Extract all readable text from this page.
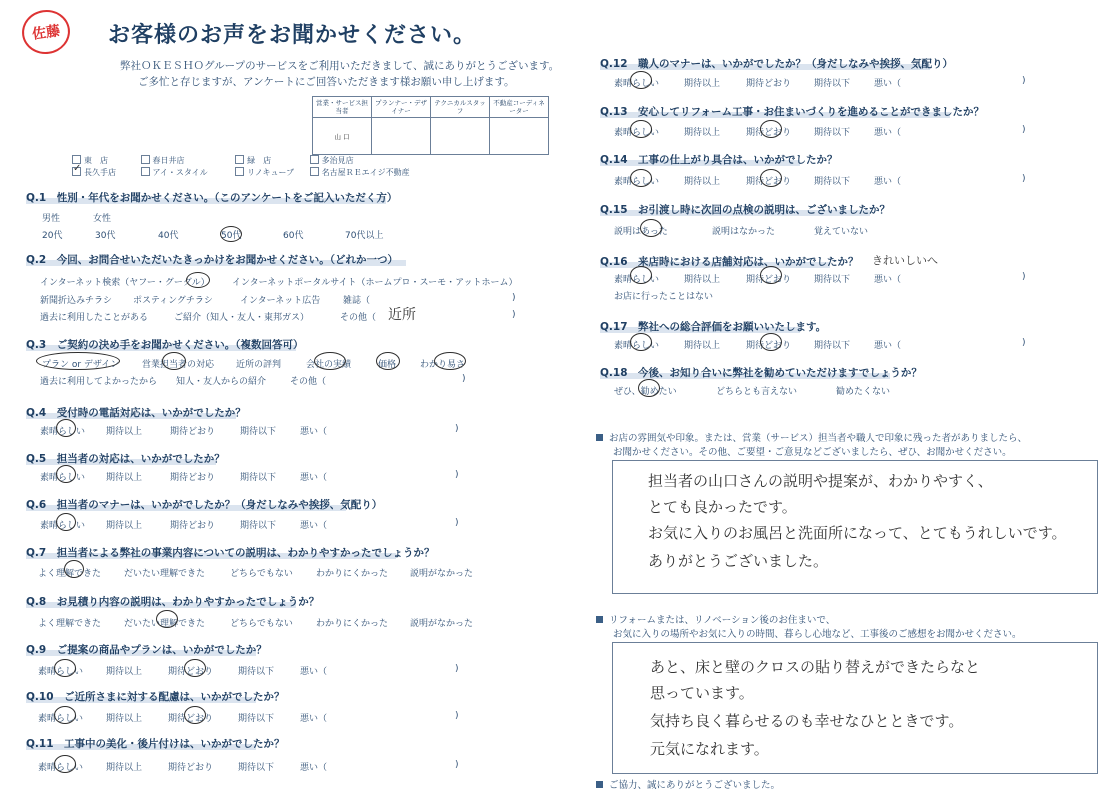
佐藤 お客様のお声をお聞かせください。
弊社ＯＫＥＳＨＯグループのサービスをご利用いただきまして、誠にありがとうございます。
ご多忙と存じますが、アンケートにご回答いただきます様お願い申し上げます。
営業・サービス担当者	プランナー・デザイナー	テクニカルスタッフ	不動産コーディネーター
山 口			
東　店	春日井店	緑　店	多治見店
✓ 長久手店	アイ・スタイル	リノキューブ	名古屋ＲＥエイジ不動産
Q.1　性別・年代をお聞かせください。（このアンケートをご記入いただく方）
男性	女性
20代	30代	40代	50代	60代	70代以上
Q.2　今回、お問合せいただいたきっかけをお聞かせください。（どれか一つ）
インターネット検索（ヤフー・グーグル） インターネットポータルサイト（ホームプロ・スーモ・アットホーム）
新聞折込みチラシ ポスティングチラシ	インターネット広告	雑誌（	)
過去に利用したことがある	ご紹介（知人・友人・東邦ガス）	その他（	)
近所
Q.3　ご契約の決め手をお聞かせください。（複数回答可）
プラン or デザイン	営業担当者の対応 近所の評判	会社の実績	価格	わかり易さ
過去に利用してよかったから 知人・友人からの紹介	その他（	)
Q.4　受付時の電話対応は、いかがでしたか？
素晴らしい 期待以上	期待どおり	期待以下	悪い（	)
Q.5　担当者の対応は、いかがでしたか？
素晴らしい 期待以上	期待どおり	期待以下	悪い（	)
Q.6　担当者のマナーは、いかがでしたか？（身だしなみや挨拶、気配り）
素晴らしい 期待以上	期待どおり	期待以下	悪い（	)
Q.7　担当者による弊社の事業内容についての説明は、わかりやすかったでしょうか？
よく理解できた	だいたい理解できた	どちらでもない	わかりにくかった 説明がなかった
Q.8　お見積り内容の説明は、わかりやすかったでしょうか？
よく理解できた	だいたい理解できた	どちらでもない	わかりにくかった 説明がなかった
Q.9　ご提案の商品やプランは、いかがでしたか？
素晴らしい	期待以上	期待どおり	期待以下	悪い（	)
Q.10　ご近所さまに対する配慮は、いかがでしたか？
素晴らしい	期待以上	期待どおり	期待以下	悪い（	)
Q.11　工事中の美化・後片付けは、いかがでしたか？
素晴らしい	期待以上	期待どおり	期待以下	悪い（	)
Q.12　職人のマナーは、いかがでしたか？（身だしなみや挨拶、気配り）
素晴らしい	期待以上	期待どおり	期待以下	悪い（	)
Q.13　安心してリフォーム工事・お住まいづくりを進めることができましたか？
素晴らしい	期待以上	期待どおり	期待以下	悪い（	)
Q.14　工事の仕上がり具合は、いかがでしたか？
素晴らしい	期待以上	期待どおり	期待以下	悪い（	)
Q.15　お引渡し時に次回の点検の説明は、ございましたか？
説明はあった	説明はなかった	覚えていない
Q.16　来店時における店舗対応は、いかがでしたか？	きれいしいへ
素晴らしい	期待以上	期待どおり	期待以下	悪い（	)
お店に行ったことはない
Q.17　弊社への総合評価をお願いいたします。
素晴らしい	期待以上	期待どおり	期待以下	悪い（	)
Q.18　今後、お知り合いに弊社を勧めていただけますでしょうか？
ぜひ、勧めたい	どちらとも言えない	勧めたくない
お店の雰囲気や印象。または、営業（サービス）担当者や職人で印象に残った者がありましたら、
お聞かせください。その他、ご要望・ご意見などございましたら、ぜひ、お聞かせください。
担当者の山口さんの説明や提案が、わかりやすく、
とても良かったです。
お気に入りのお風呂と洗面所になって、とてもうれしいです。
ありがとうございました。
リフォームまたは、リノベーション後のお住まいで、
お気に入りの場所やお気に入りの時間、暮らし心地など、工事後のご感想をお聞かせください。
あと、床と壁のクロスの貼り替えができたらなと
思っています。
気持ち良く暮らせるのも幸せなひとときです。
元気になれます。
ご協力、誠にありがとうございました。
